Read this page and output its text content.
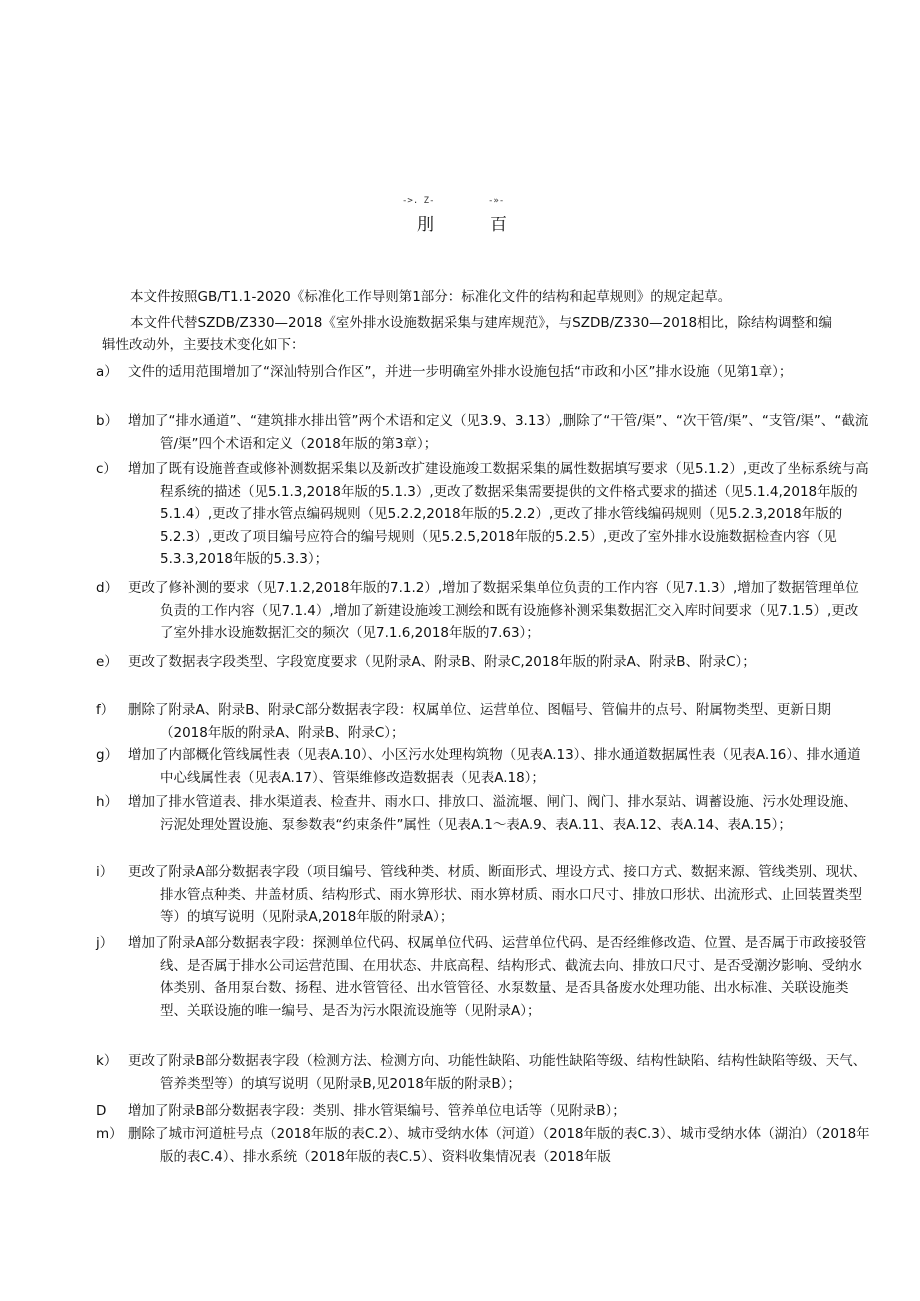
->. Z-	-»-
刖	百

本文件按照GB/T1.1-2020《标准化工作导则第1部分：标准化文件的结构和起草规则》的规定起草。

本文件代替SZDB/Z330—2018《室外排水设施数据采集与建库规范》，与SZDB/Z330—2018相比，除结构调整和编辑性改动外，主要技术变化如下：

a） 文件的适用范围增加了“深汕特别合作区”，并进一步明确室外排水设施包括“市政和小区”排水设施（见第1章）；

b） 增加了“排水通道”、“建筑排水排出管”两个术语和定义（见3.9、3.13）,删除了“干管/渠”、“次干管/渠”、“支管/渠”、“截流管/渠”四个术语和定义（2018年版的第3章）；

c） 增加了既有设施普查或修补测数据采集以及新改扩建设施竣工数据采集的属性数据填写要求（见5.1.2）,更改了坐标系统与高程系统的描述（见5.1.3,2018年版的5.1.3）,更改了数据采集需要提供的文件格式要求的描述（见5.1.4,2018年版的5.1.4）,更改了排水管点编码规则（见5.2.2,2018年版的5.2.2）,更改了排水管线编码规则（见5.2.3,2018年版的5.2.3）,更改了项目编号应符合的编号规则（见5.2.5,2018年版的5.2.5）,更改了室外排水设施数据检查内容（见5.3.3,2018年版的5.3.3）；

d） 更改了修补测的要求（见7.1.2,2018年版的7.1.2）,增加了数据采集单位负责的工作内容（见7.1.3）,增加了数据管理单位负责的工作内容（见7.1.4）,增加了新建设施竣工测绘和既有设施修补测采集数据汇交入库时间要求（见7.1.5）,更改了室外排水设施数据汇交的频次（见7.1.6,2018年版的7.63）；

e） 更改了数据表字段类型、字段宽度要求（见附录A、附录B、附录C,2018年版的附录A、附录B、附录C）；

f） 删除了附录A、附录B、附录C部分数据表字段：权属单位、运营单位、图幅号、管偏井的点号、附属物类型、更新日期（2018年版的附录A、附录B、附录C）；

g） 增加了内部概化管线属性表（见表A.10）、小区污水处理构筑物（见表A.13）、排水通道数据属性表（见表A.16）、排水通道中心线属性表（见表A.17）、管渠维修改造数据表（见表A.18）；

h） 增加了排水管道表、排水渠道表、检查井、雨水口、排放口、溢流堰、闸门、阀门、排水泵站、调蓄设施、污水处理设施、污泥处理处置设施、泵参数表“约束条件”属性（见表A.1〜表A.9、表A.11、表A.12、表A.14、表A.15）；

i） 更改了附录A部分数据表字段（项目编号、管线种类、材质、断面形式、埋设方式、接口方式、数据来源、管线类别、现状、排水管点种类、井盖材质、结构形式、雨水箅形状、雨水箅材质、雨水口尺寸、排放口形状、出流形式、止回装置类型等）的填写说明（见附录A,2018年版的附录A）；

j） 增加了附录A部分数据表字段：探测单位代码、权属单位代码、运营单位代码、是否经维修改造、位置、是否属于市政接驳管线、是否属于排水公司运营范围、在用状态、井底高程、结构形式、截流去向、排放口尺寸、是否受潮汐影响、受纳水体类别、备用泵台数、扬程、进水管管径、出水管管径、水泵数量、是否具备废水处理功能、出水标准、关联设施类型、关联设施的唯一编号、是否为污水限流设施等（见附录A）；

k） 更改了附录B部分数据表字段（检测方法、检测方向、功能性缺陷、功能性缺陷等级、结构性缺陷、结构性缺陷等级、天气、管养类型等）的填写说明（见附录B,见2018年版的附录B）；

D 增加了附录B部分数据表字段：类别、排水管渠编号、管养单位电话等（见附录B）；

m） 删除了城市河道桩号点（2018年版的表C.2）、城市受纳水体（河道）（2018年版的表C.3）、城市受纳水体（湖泊）（2018年版的表C.4）、排水系统（2018年版的表C.5）、资料收集情况表（2018年版
